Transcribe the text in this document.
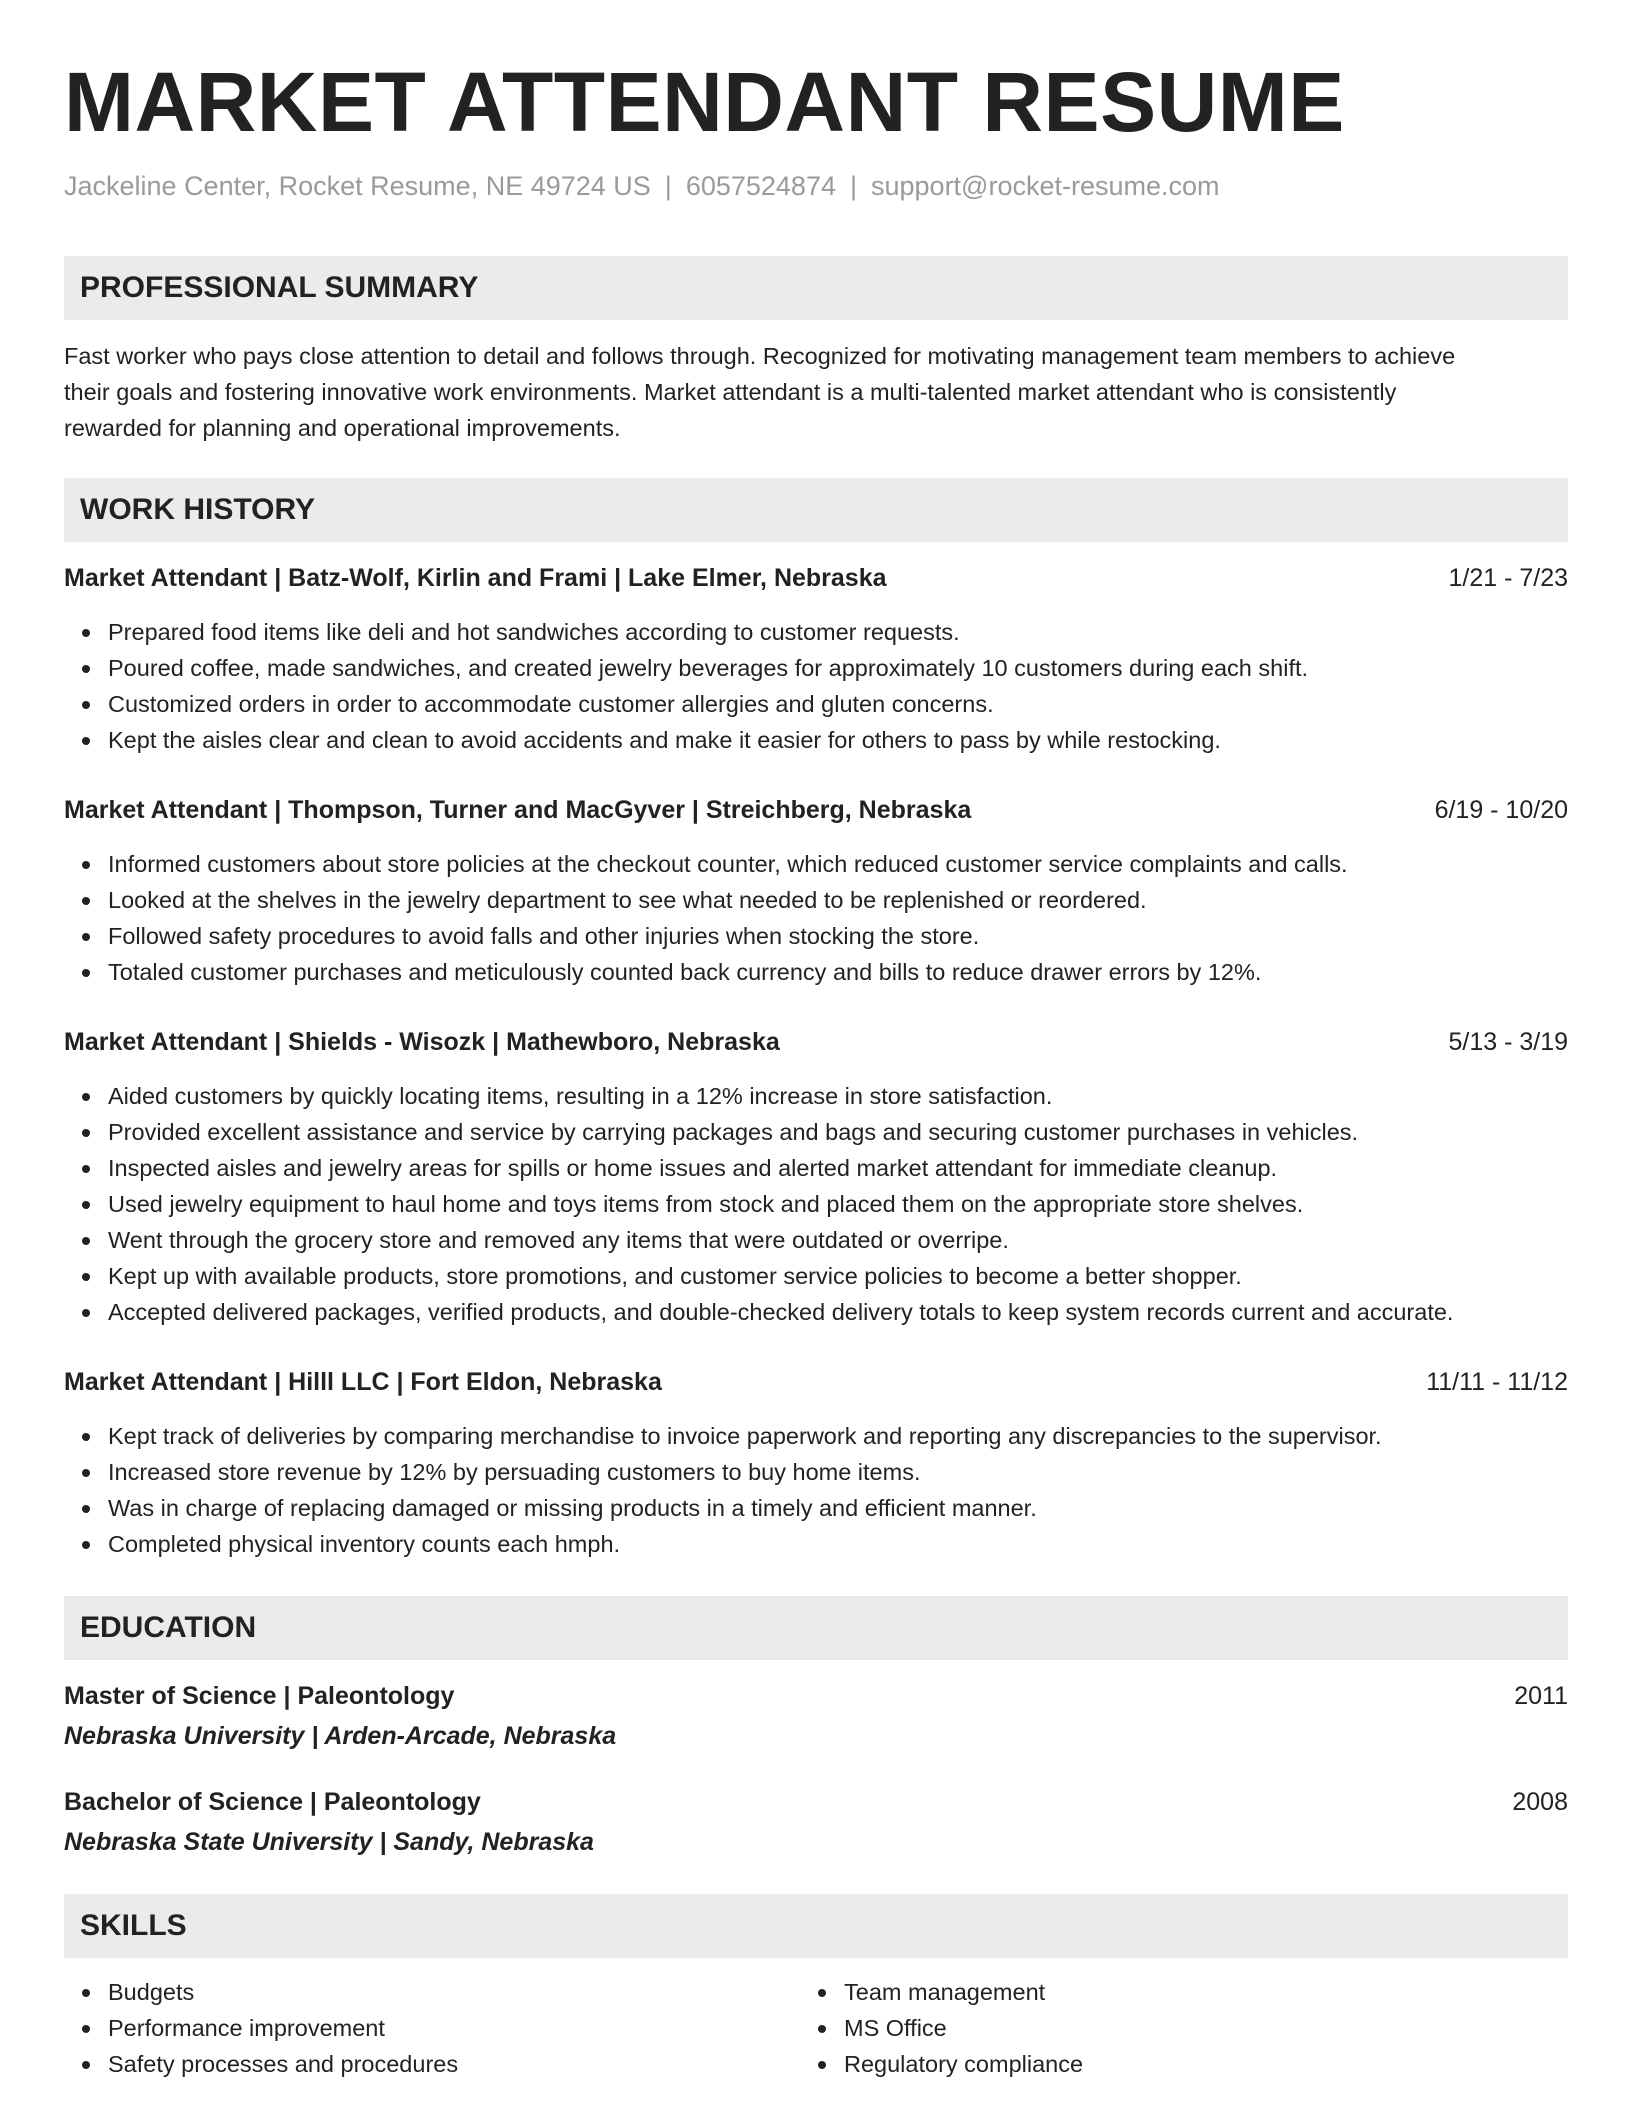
MARKET ATTENDANT RESUME
Jackeline Center, Rocket Resume, NE 49724 US | 6057524874 | support@rocket-resume.com
PROFESSIONAL SUMMARY

Fast worker who pays close attention to detail and follows through. Recognized for motivating management team members to achieve
their goals and fostering innovative work environments. Market attendant is a multi-talented market attendant who is consistently
rewarded for planning and operational improvements.

WORK HISTORY
Market Attendant | Batz-Wolf, Kirlin and Frami | Lake Elmer, Nebraska	1/21 - 7/23
Prepared food items like deli and hot sandwiches according to customer requests.
Poured coffee, made sandwiches, and created jewelry beverages for approximately 10 customers during each shift.
Customized orders in order to accommodate customer allergies and gluten concerns.
Kept the aisles clear and clean to avoid accidents and make it easier for others to pass by while restocking.
Market Attendant | Thompson, Turner and MacGyver | Streichberg, Nebraska	6/19 - 10/20
Informed customers about store policies at the checkout counter, which reduced customer service complaints and calls.
Looked at the shelves in the jewelry department to see what needed to be replenished or reordered.
Followed safety procedures to avoid falls and other injuries when stocking the store.
Totaled customer purchases and meticulously counted back currency and bills to reduce drawer errors by 12%.
Market Attendant | Shields - Wisozk | Mathewboro, Nebraska	5/13 - 3/19
Aided customers by quickly locating items, resulting in a 12% increase in store satisfaction.
Provided excellent assistance and service by carrying packages and bags and securing customer purchases in vehicles.
Inspected aisles and jewelry areas for spills or home issues and alerted market attendant for immediate cleanup.
Used jewelry equipment to haul home and toys items from stock and placed them on the appropriate store shelves.
Went through the grocery store and removed any items that were outdated or overripe.
Kept up with available products, store promotions, and customer service policies to become a better shopper.
Accepted delivered packages, verified products, and double-checked delivery totals to keep system records current and accurate.
Market Attendant | Hilll LLC | Fort Eldon, Nebraska	11/11 - 11/12
Kept track of deliveries by comparing merchandise to invoice paperwork and reporting any discrepancies to the supervisor.
Increased store revenue by 12% by persuading customers to buy home items.
Was in charge of replacing damaged or missing products in a timely and efficient manner.
Completed physical inventory counts each hmph.
EDUCATION
Master of Science | Paleontology	2011
Nebraska University | Arden-Arcade, Nebraska
Bachelor of Science | Paleontology	2008
Nebraska State University | Sandy, Nebraska
SKILLS
Budgets
Performance improvement
Safety processes and procedures
Team management
MS Office
Regulatory compliance
